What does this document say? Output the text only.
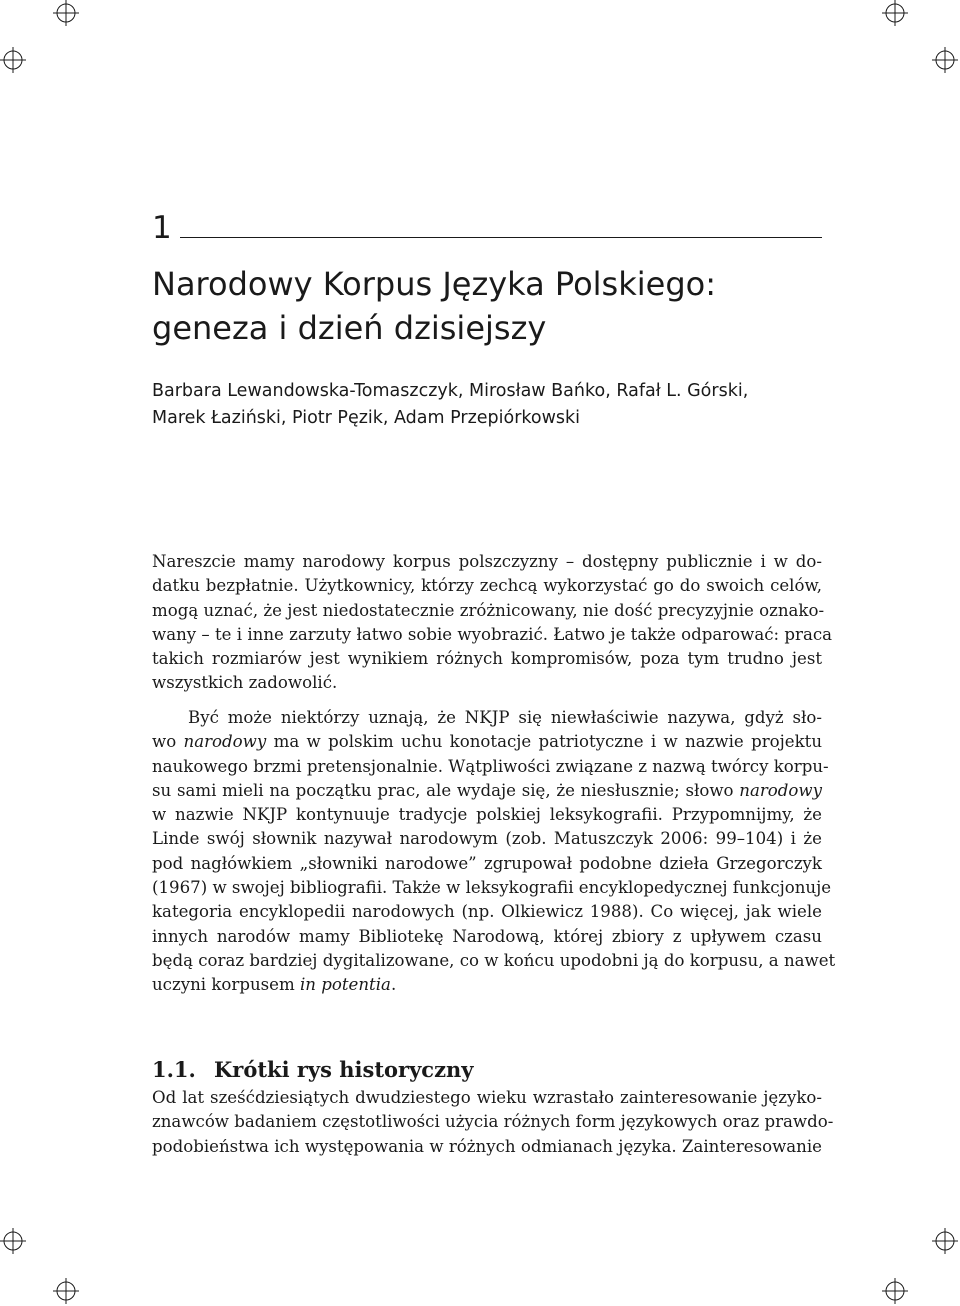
1
Narodowy Korpus Języka Polskiego:
geneza i dzień dzisiejszy
Barbara Lewandowska-Tomaszczyk, Mirosław Bańko, Rafał L. Górski,
Marek Łaziński, Piotr Pęzik, Adam Przepiórkowski
Nareszcie mamy narodowy korpus polszczyzny – dostępny publicznie i w do-
datku bezpłatnie. Użytkownicy, którzy zechcą wykorzystać go do swoich celów,
mogą uznać, że jest niedostatecznie zróżnicowany, nie dość precyzyjnie oznako-
wany – te i inne zarzuty łatwo sobie wyobrazić. Łatwo je także odparować: praca
takich rozmiarów jest wynikiem różnych kompromisów, poza tym trudno jest
wszystkich zadowolić.
Być może niektórzy uznają, że NKJP się niewłaściwie nazywa, gdyż sło-
wo narodowy ma w polskim uchu konotacje patriotyczne i w nazwie projektu
naukowego brzmi pretensjonalnie. Wątpliwości związane z nazwą twórcy korpu-
su sami mieli na początku prac, ale wydaje się, że niesłusznie; słowo narodowy
w nazwie NKJP kontynuuje tradycje polskiej leksykografii. Przypomnijmy, że
Linde swój słownik nazywał narodowym (zob. Matuszczyk 2006: 99–104) i że
pod nagłówkiem „słowniki narodowe” zgrupował podobne dzieła Grzegorczyk
(1967) w swojej bibliografii. Także w leksykografii encyklopedycznej funkcjonuje
kategoria encyklopedii narodowych (np. Olkiewicz 1988). Co więcej, jak wiele
innych narodów mamy Bibliotekę Narodową, której zbiory z upływem czasu
będą coraz bardziej dygitalizowane, co w końcu upodobni ją do korpusu, a nawet
uczyni korpusem in potentia.
1.1. Krótki rys historyczny
Od lat sześćdziesiątych dwudziestego wieku wzrastało zainteresowanie języko-
znawców badaniem częstotliwości użycia różnych form językowych oraz prawdo-
podobieństwa ich występowania w różnych odmianach języka. Zainteresowanie
